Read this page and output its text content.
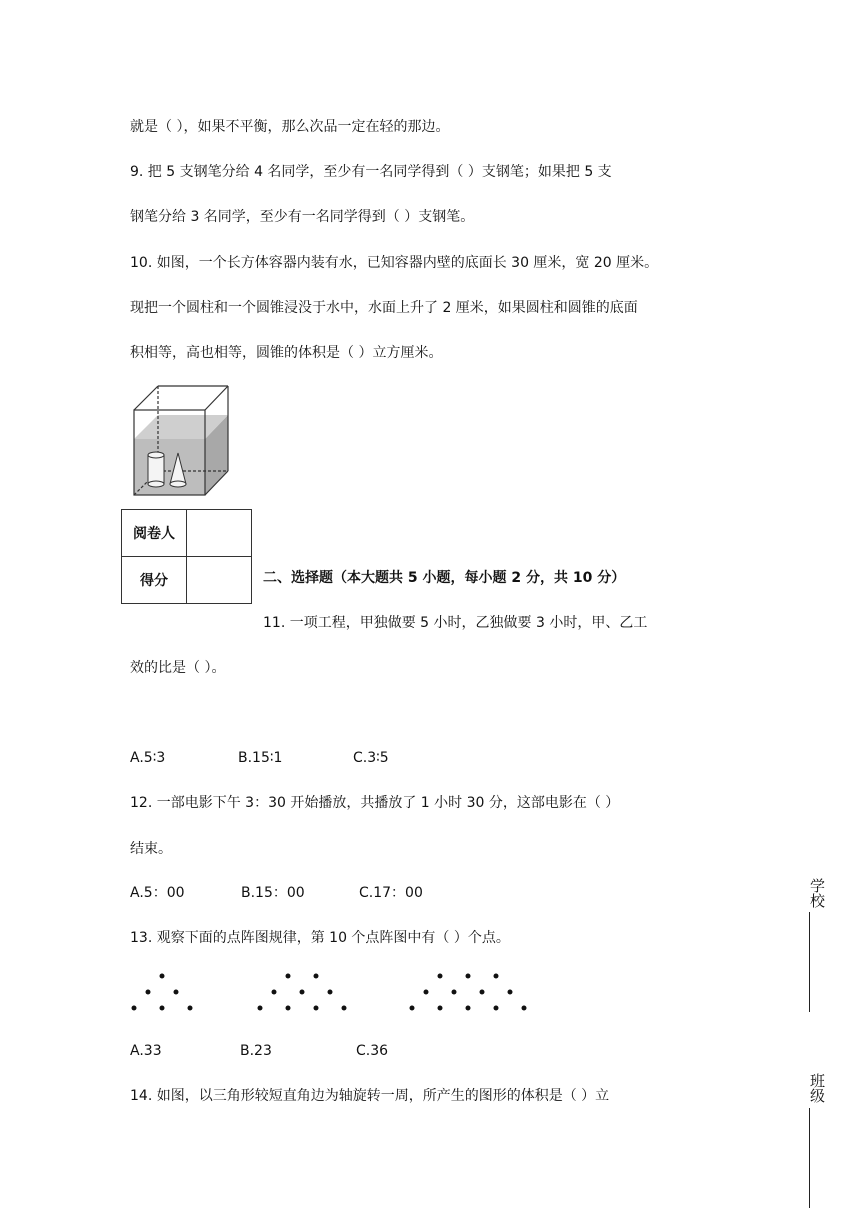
就是（ ），如果不平衡，那么次品一定在轻的那边。
9. 把 5 支钢笔分给 4 名同学，至少有一名同学得到（ ）支钢笔；如果把 5 支
钢笔分给 3 名同学，至少有一名同学得到（ ）支钢笔。
10. 如图，一个长方体容器内装有水，已知容器内壁的底面长 30 厘米，宽 20 厘米。
现把一个圆柱和一个圆锥浸没于水中，水面上升了 2 厘米，如果圆柱和圆锥的底面
积相等，高也相等，圆锥的体积是（ ）立方厘米。
阅卷人	
得分		二、选择题（本大题共 5 小题，每小题 2 分，共 10 分）
11. 一项工程，甲独做要 5 小时，乙独做要 3 小时，甲、乙工
效的比是（ ）。
A.5∶3	B.15∶1	C.3∶5
12. 一部电影下午 3：30 开始播放，共播放了 1 小时 30 分，这部电影在（ ）
结束。
A.5：00	B.15：00	C.17：00
13. 观察下面的点阵图规律，第 10 个点阵图中有（ ）个点。
A.33	B.23	C.36
14. 如图，以三角形较短直角边为轴旋转一周，所产生的图形的体积是（ ）立
学校
班级
